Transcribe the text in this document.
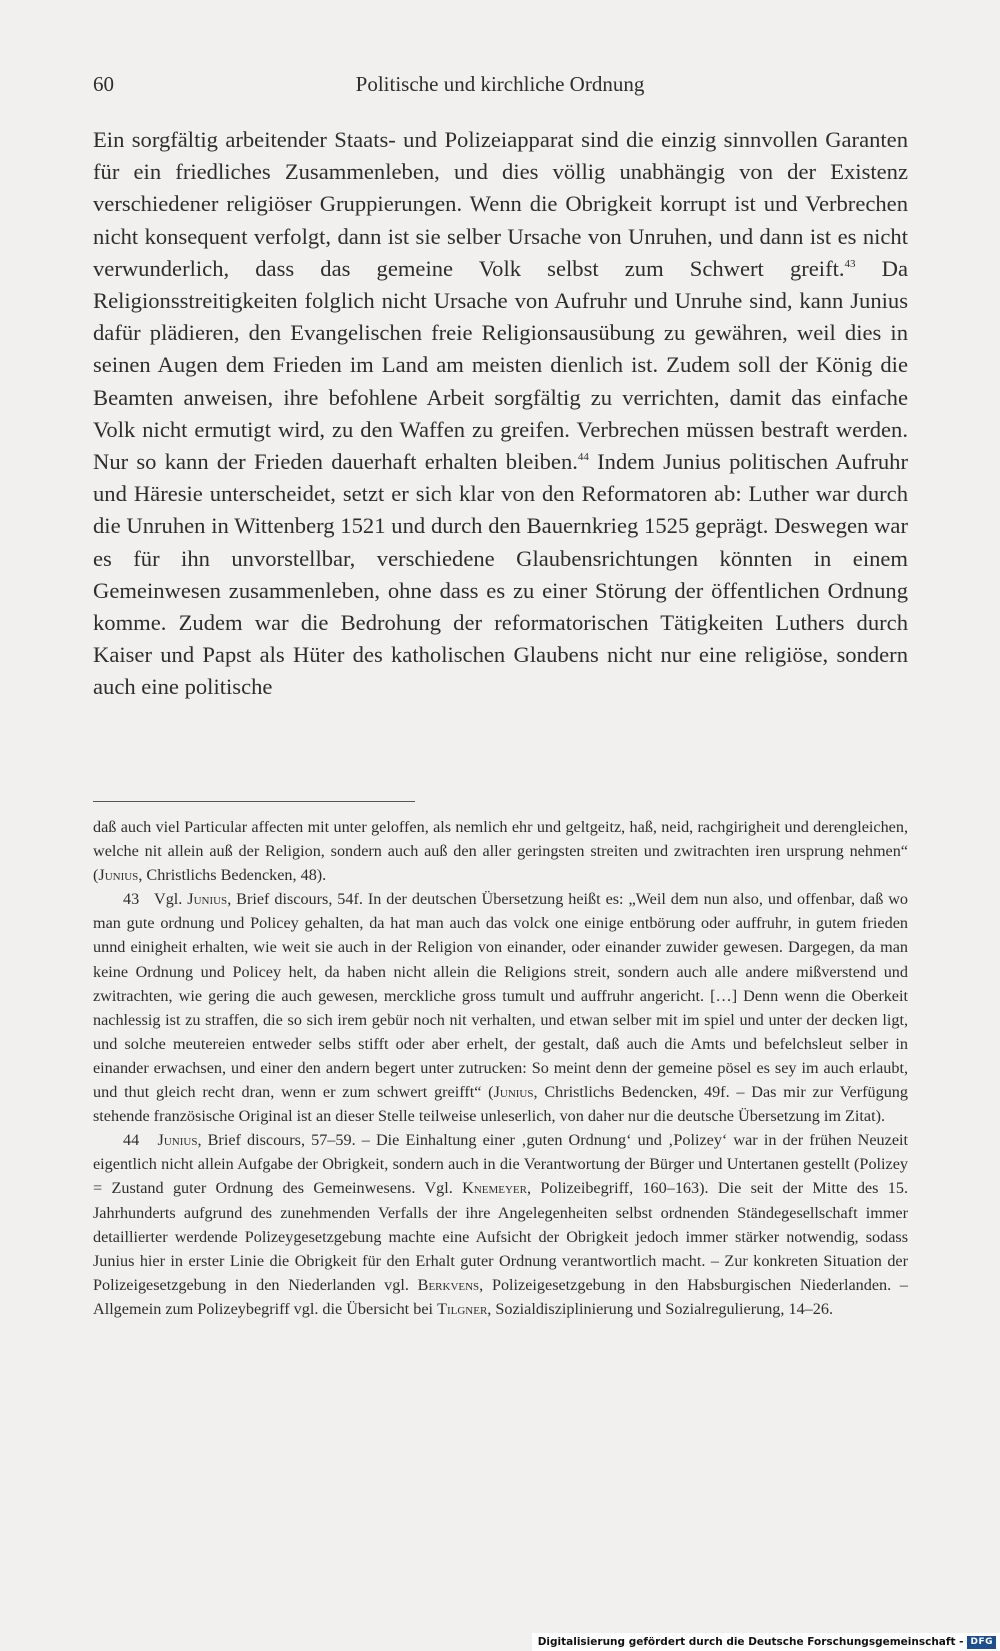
60	Politische und kirchliche Ordnung

Ein sorgfältig arbeitender Staats- und Polizeiapparat sind die einzig sinnvollen Garanten für ein friedliches Zusammenleben, und dies völlig unabhängig von der Existenz verschiedener religiöser Gruppierungen. Wenn die Obrigkeit korrupt ist und Verbrechen nicht konsequent verfolgt, dann ist sie selber Ursache von Unruhen, und dann ist es nicht verwunderlich, dass das gemeine Volk selbst zum Schwert greift.$^{43}$ Da Religionsstreitigkeiten folglich nicht Ursache von Aufruhr und Unruhe sind, kann Junius dafür plädieren, den Evangelischen freie Religionsausübung zu gewähren, weil dies in seinen Augen dem Frieden im Land am meisten dienlich ist. Zudem soll der König die Beamten anweisen, ihre befohlene Arbeit sorgfältig zu verrichten, damit das einfache Volk nicht ermutigt wird, zu den Waffen zu greifen. Verbrechen müssen bestraft werden. Nur so kann der Frieden dauerhaft erhalten bleiben.$^{44}$ Indem Junius politischen Aufruhr und Häresie unterscheidet, setzt er sich klar von den Reformatoren ab: Luther war durch die Unruhen in Wittenberg 1521 und durch den Bauernkrieg 1525 geprägt. Deswegen war es für ihn unvorstellbar, verschiedene Glaubensrichtungen könnten in einem Gemeinwesen zusammenleben, ohne dass es zu einer Störung der öffentlichen Ordnung komme. Zudem war die Bedrohung der reformatorischen Tätigkeiten Luthers durch Kaiser und Papst als Hüter des katholischen Glaubens nicht nur eine religiöse, sondern auch eine politische

daß auch viel Particular affecten mit unter geloffen, als nemlich ehr und geltgeitz, haß, neid, rachgirigheit und derengleichen, welche nit allein auß der Religion, sondern auch auß den aller geringsten streiten und zwitrachten iren ursprung nehmen“ (Junius, Christlichs Bedencken, 48).

43 Vgl. Junius, Brief discours, 54f. In der deutschen Übersetzung heißt es: „Weil dem nun also, und offenbar, daß wo man gute ordnung und Policey gehalten, da hat man auch das volck one einige entbörung oder auffruhr, in gutem frieden unnd einigheit erhalten, wie weit sie auch in der Religion von einander, oder einander zuwider gewesen. Dargegen, da man keine Ordnung und Policey helt, da haben nicht allein die Religions streit, sondern auch alle andere mißverstend und zwitrachten, wie gering die auch gewesen, merckliche gross tumult und auffruhr angericht. […] Denn wenn die Oberkeit nachlessig ist zu straffen, die so sich irem gebür noch nit verhalten, und etwan selber mit im spiel und unter der decken ligt, und solche meutereien entweder selbs stifft oder aber erhelt, der gestalt, daß auch die Amts und befelchsleut selber in einander erwachsen, und einer den andern begert unter zutrucken: So meint denn der gemeine pösel es sey im auch erlaubt, und thut gleich recht dran, wenn er zum schwert greifft“ (Junius, Christlichs Bedencken, 49f. – Das mir zur Verfügung stehende französische Original ist an dieser Stelle teilweise unleserlich, von daher nur die deutsche Übersetzung im Zitat).

44 Junius, Brief discours, 57–59. – Die Einhaltung einer ‚guten Ordnung‘ und ‚Polizey‘ war in der frühen Neuzeit eigentlich nicht allein Aufgabe der Obrigkeit, sondern auch in die Verantwortung der Bürger und Untertanen gestellt (Polizey = Zustand guter Ordnung des Gemeinwesens. Vgl. Knemeyer, Polizeibegriff, 160–163). Die seit der Mitte des 15. Jahrhunderts aufgrund des zunehmenden Verfalls der ihre Angelegenheiten selbst ordnenden Ständegesellschaft immer detaillierter werdende Polizeygesetzgebung machte eine Aufsicht der Obrigkeit jedoch immer stärker notwendig, sodass Junius hier in erster Linie die Obrigkeit für den Erhalt guter Ordnung verantwortlich macht. – Zur konkreten Situation der Polizeigesetzgebung in den Niederlanden vgl. Berkvens, Polizeigesetzgebung in den Habsburgischen Niederlanden. – Allgemein zum Polizeybegriff vgl. die Übersicht bei Tilgner, Sozialdisziplinierung und Sozialregulierung, 14–26.

Digitalisierung gefördert durch die Deutsche Forschungsgemeinschaft - DFG
